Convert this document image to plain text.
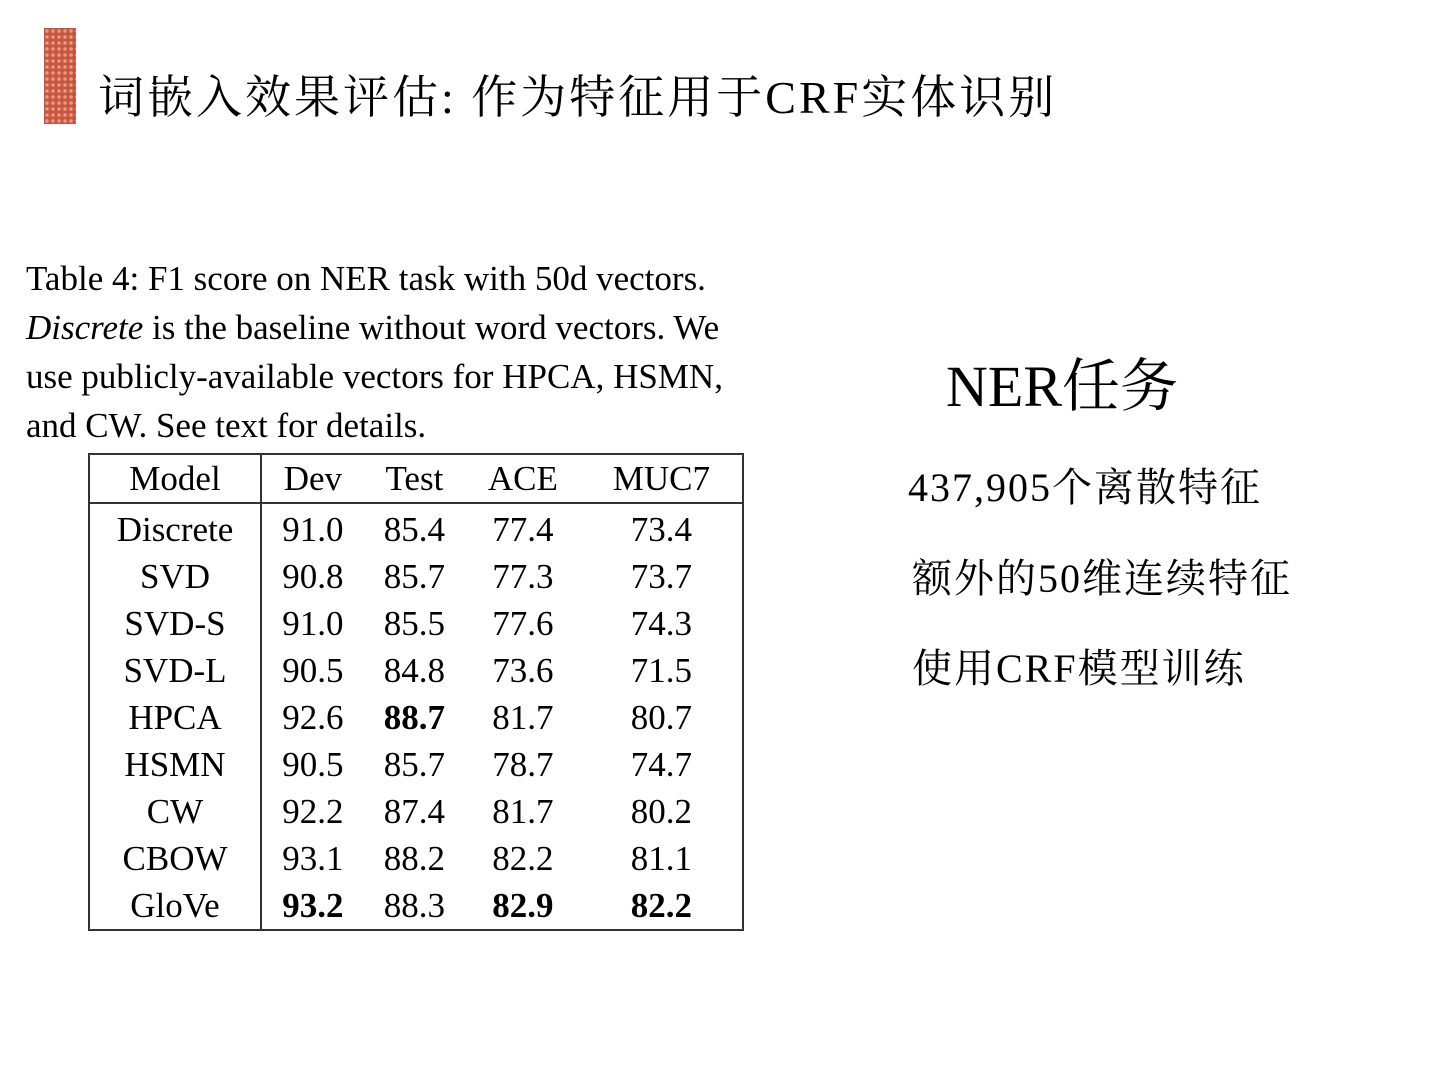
词嵌入效果评估: 作为特征用于CRF实体识别
Table 4: F1 score on NER task with 50d vectors.
Discrete is the baseline without word vectors. We
use publicly-available vectors for HPCA, HSMN,
and CW. See text for details.
Model	Dev	Test	ACE	MUC7
Discrete	91.0	85.4	77.4	73.4
SVD	90.8	85.7	77.3	73.7
SVD-S	91.0	85.5	77.6	74.3
SVD-L	90.5	84.8	73.6	71.5
HPCA	92.6	88.7	81.7	80.7
HSMN	90.5	85.7	78.7	74.7
CW	92.2	87.4	81.7	80.2
CBOW	93.1	88.2	82.2	81.1
GloVe	93.2	88.3	82.9	82.2
NER任务
437,905个离散特征
额外的50维连续特征
使用CRF模型训练
